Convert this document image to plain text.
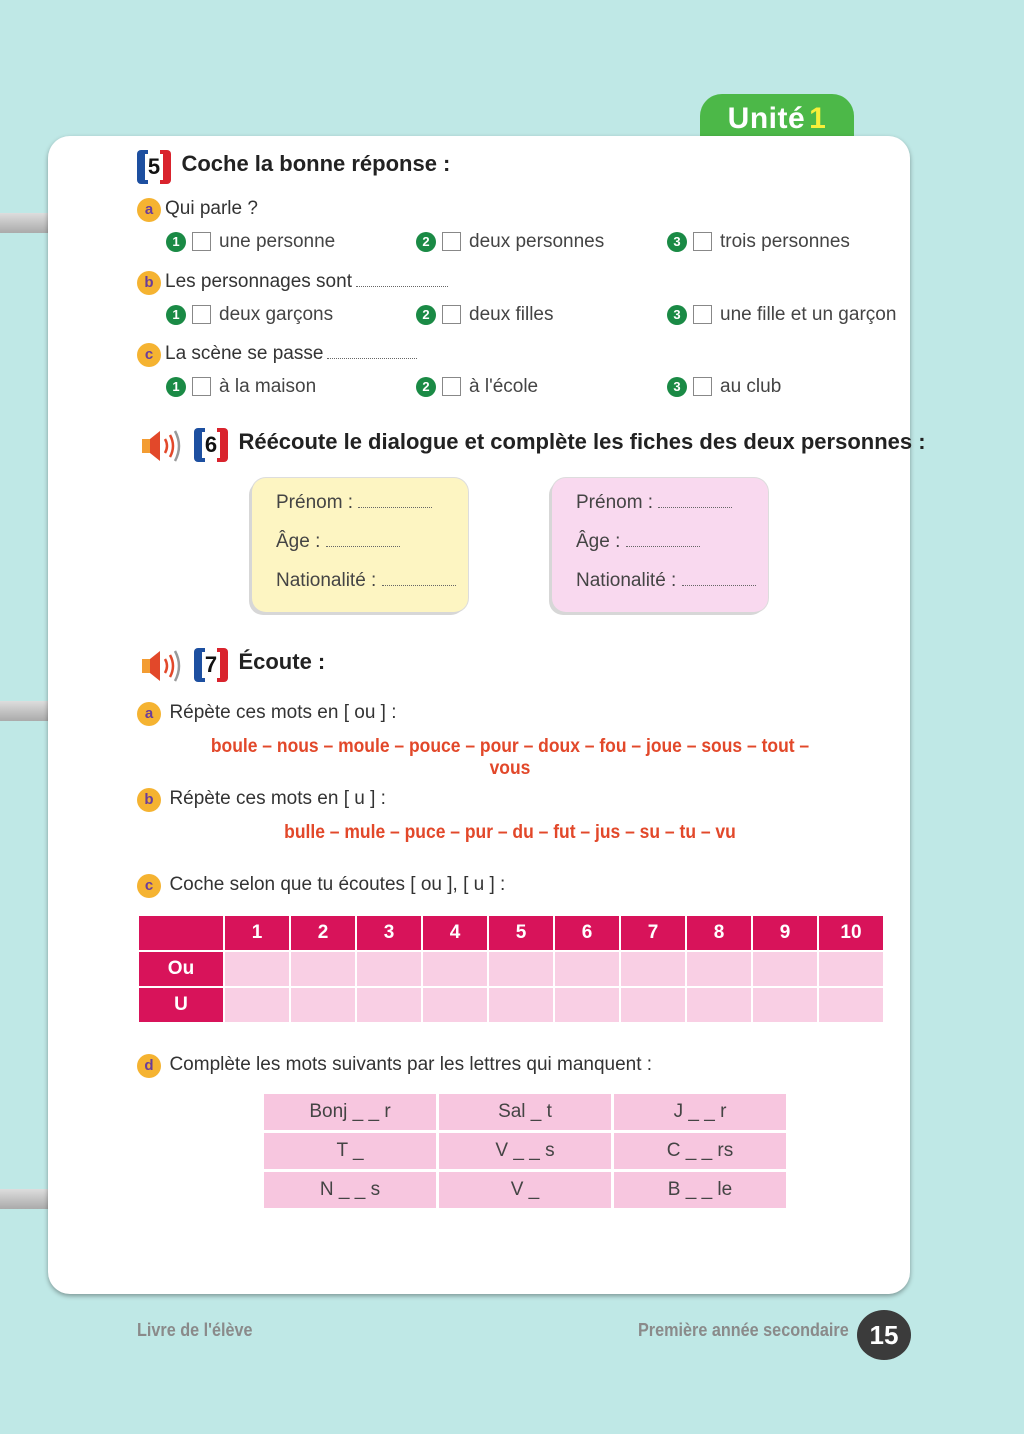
Unité 1
5 Coche la bonne réponse :
a Qui parle ?
1 une personne	2 deux personnes	3 trois personnes
b Les personnages sont
1 deux garçons	2 deux filles	3 une fille et un garçon
c La scène se passe
1 à la maison	2 à l'école	3 au club
6 Réécoute le dialogue et complète les fiches des deux personnes :
Prénom :
Âge :
Nationalité :
Prénom :
Âge :
Nationalité :
7 Écoute :
a Répète ces mots en [ ou ] :
boule – nous – moule – pouce – pour – doux – fou – joue – sous – tout – vous
b Répète ces mots en [ u ] :
bulle – mule – puce – pur – du – fut – jus – su – tu – vu
c Coche selon que tu écoutes [ ou ], [ u ] :
	1	2	3	4	5	6	7	8	9	10
Ou										
U										
d Complète les mots suivants par les lettres qui manquent :
Bonj _ _ r	Sal _ t	J _ _ r
T _	V _ _ s	C _ _ rs
N _ _ s	V _	B _ _ le
Livre de l'élève	Première année secondaire 15
